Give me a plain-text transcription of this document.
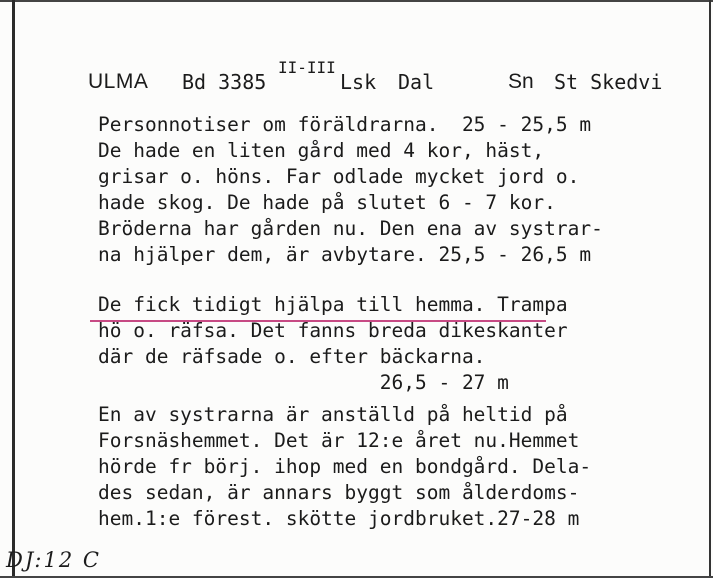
ULMA Bd 3385
II-III
Lsk Dal	Sn St Skedvi
Personnotiser om föräldrarna.  25 - 25,5 m
De hade en liten gård med 4 kor, häst,
grisar o. höns. Far odlade mycket jord o.
hade skog. De hade på slutet 6 - 7 kor.
Bröderna har gården nu. Den ena av systrar-
na hjälper dem, är avbytare. 25,5 - 26,5 m
De fick tidigt hjälpa till hemma. Trampa
hö o. räfsa. Det fanns breda dikeskanter
där de räfsade o. efter bäckarna.
26,5 - 27 m
En av systrarna är anställd på heltid på
Forsnäshemmet. Det är 12:e året nu.Hemmet
hörde fr börj. ihop med en bondgård. Dela-
des sedan, är annars byggt som ålderdoms-
hem.1:e förest. skötte jordbruket.27-28 m
DJ:12 C
